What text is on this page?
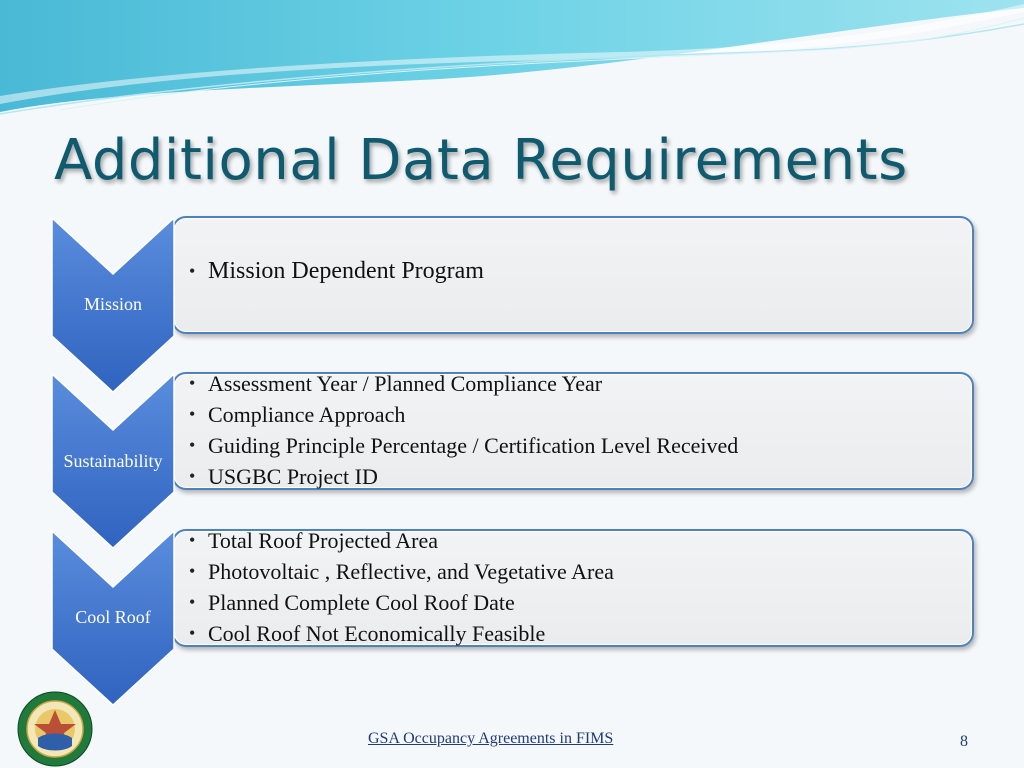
Additional Data Requirements
Mission
• Mission Dependent Program
Sustainability
• Assessment Year / Planned Compliance Year
• Compliance Approach
• Guiding Principle Percentage / Certification Level Received
• USGBC Project ID
Cool Roof
• Total Roof Projected Area
• Photovoltaic , Reflective, and Vegetative Area
• Planned Complete Cool Roof Date
• Cool Roof Not Economically Feasible
GSA Occupancy Agreements in FIMS	8
